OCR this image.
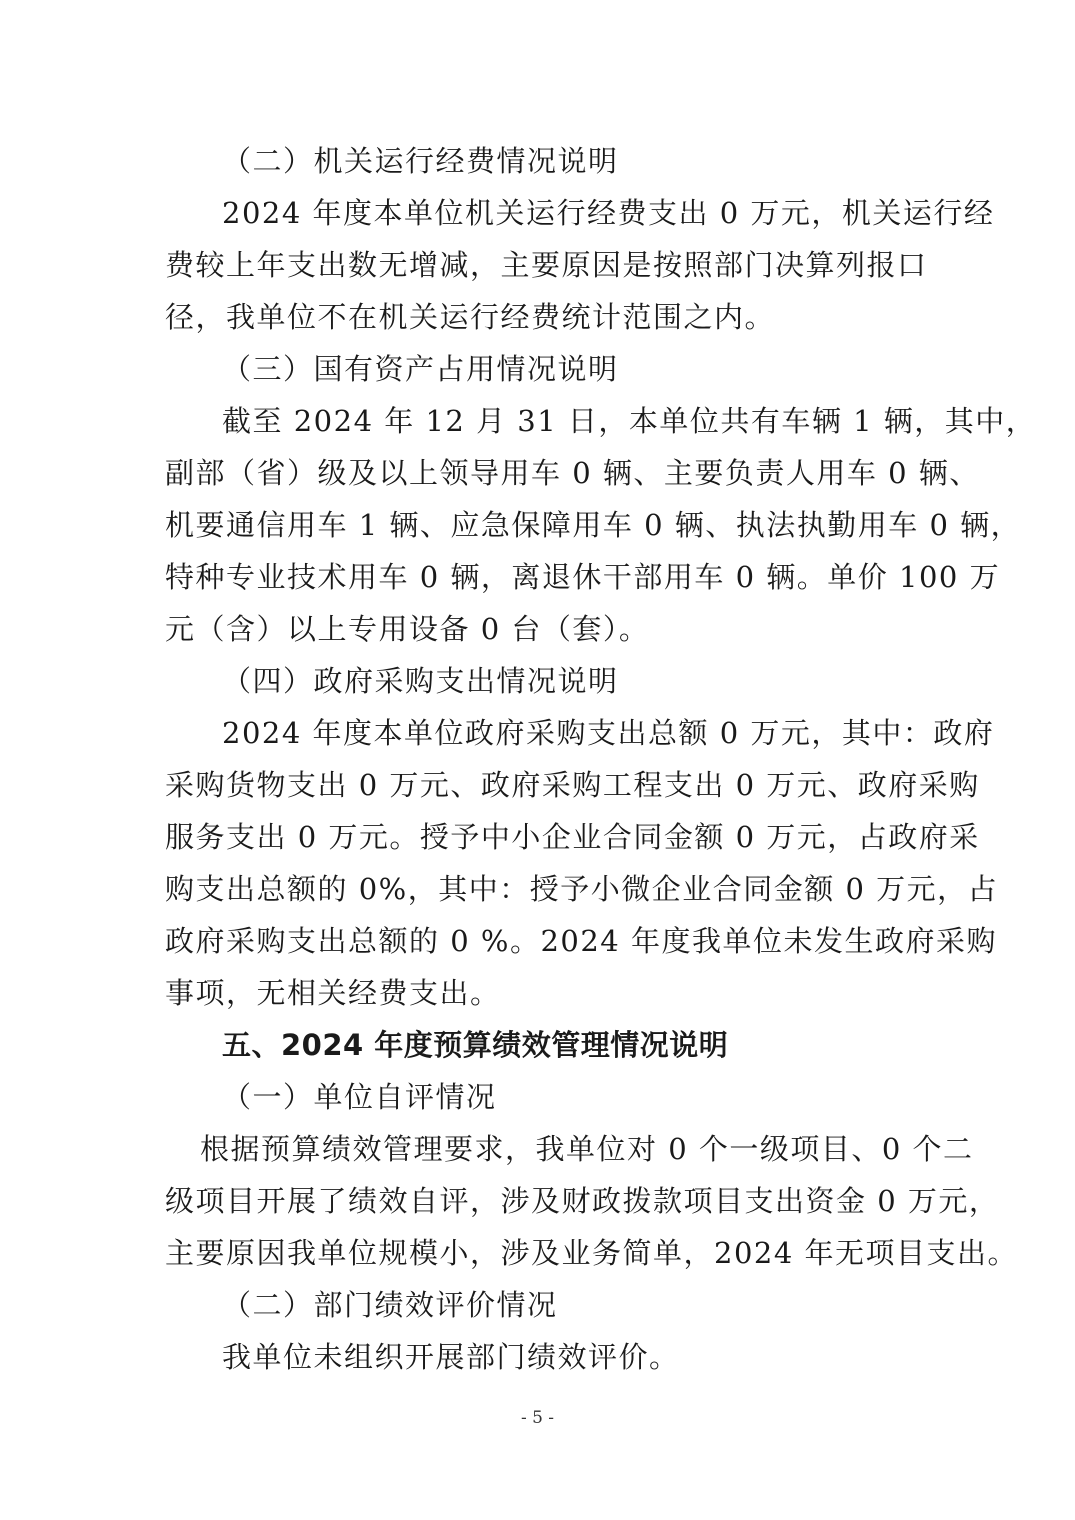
（二）机关运行经费情况说明
2024 年度本单位机关运行经费支出 0 万元，机关运行经
费较上年支出数无增减，主要原因是按照部门决算列报口
径，我单位不在机关运行经费统计范围之内。
（三）国有资产占用情况说明
截至 2024 年 12 月 31 日，本单位共有车辆 1 辆，其中，
副部（省）级及以上领导用车 0 辆、主要负责人用车 0 辆、
机要通信用车 1 辆、应急保障用车 0 辆、执法执勤用车 0 辆，
特种专业技术用车 0 辆，离退休干部用车 0 辆。单价 100 万
元（含）以上专用设备 0 台（套）。
（四）政府采购支出情况说明
2024 年度本单位政府采购支出总额 0 万元，其中：政府
采购货物支出 0 万元、政府采购工程支出 0 万元、政府采购
服务支出 0 万元。授予中小企业合同金额 0 万元，占政府采
购支出总额的 0%，其中：授予小微企业合同金额 0 万元，占
政府采购支出总额的 0 %。2024 年度我单位未发生政府采购
事项，无相关经费支出。
五、2024 年度预算绩效管理情况说明
（一）单位自评情况
根据预算绩效管理要求，我单位对 0 个一级项目、0 个二
级项目开展了绩效自评，涉及财政拨款项目支出资金 0 万元，
主要原因我单位规模小，涉及业务简单，2024 年无项目支出。
（二）部门绩效评价情况
我单位未组织开展部门绩效评价。
- 5 -
